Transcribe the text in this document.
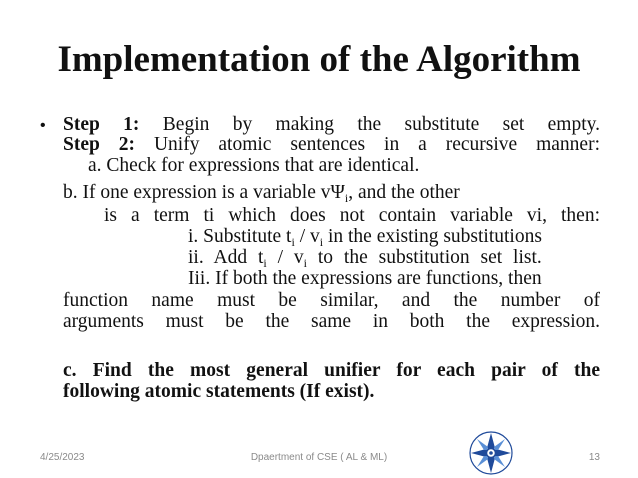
Implementation of the Algorithm
• Step 1: Begin by making the substitute set empty.
Step 2: Unify atomic sentences in a recursive manner:
a. Check for expressions that are identical.
b. If one expression is a variable $v\Psi_i$, and the other
is a term ti which does not contain variable vi, then:
i. Substitute $t_i / v_i$ in the existing substitutions
ii. Add $t_i / v_i$ to the substitution set list.
Iii. If both the expressions are functions, then
function name must be similar, and the number of
arguments must be the same in both the expression.
c. Find the most general unifier for each pair of the
following atomic statements (If exist).
4/25/2023	Dpaertment of CSE ( AL & ML)	13
